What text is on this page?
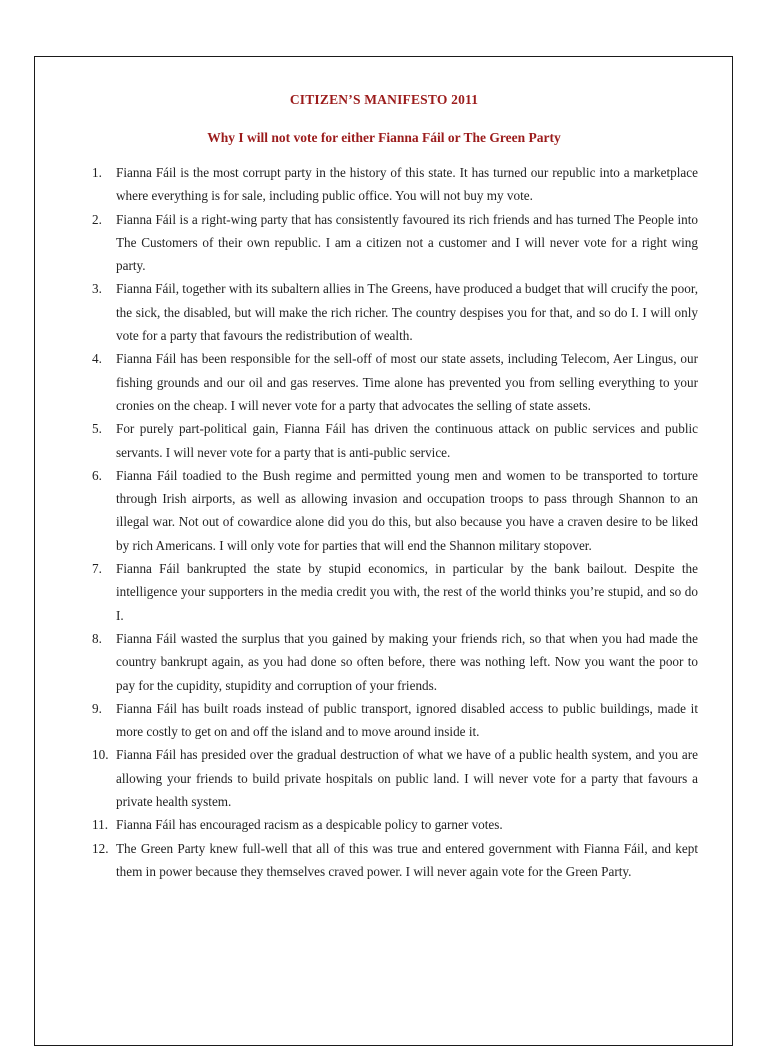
CITIZEN’S MANIFESTO 2011
Why I will not vote for either Fianna Fáil or The Green Party
1. Fianna Fáil is the most corrupt party in the history of this state. It has turned our republic into a marketplace where everything is for sale, including public office. You will not buy my vote.
2. Fianna Fáil is a right-wing party that has consistently favoured its rich friends and has turned The People into The Customers of their own republic. I am a citizen not a customer and I will never vote for a right wing party.
3. Fianna Fáil, together with its subaltern allies in The Greens, have produced a budget that will crucify the poor, the sick, the disabled, but will make the rich richer. The country despises you for that, and so do I. I will only vote for a party that favours the redistribution of wealth.
4. Fianna Fáil has been responsible for the sell-off of most our state assets, including Telecom, Aer Lingus, our fishing grounds and our oil and gas reserves. Time alone has prevented you from selling everything to your cronies on the cheap. I will never vote for a party that advocates the selling of state assets.
5. For purely part-political gain, Fianna Fáil has driven the continuous attack on public services and public servants. I will never vote for a party that is anti-public service.
6. Fianna Fáil toadied to the Bush regime and permitted young men and women to be transported to torture through Irish airports, as well as allowing invasion and occupation troops to pass through Shannon to an illegal war. Not out of cowardice alone did you do this, but also because you have a craven desire to be liked by rich Americans. I will only vote for parties that will end the Shannon military stopover.
7. Fianna Fáil bankrupted the state by stupid economics, in particular by the bank bailout. Despite the intelligence your supporters in the media credit you with, the rest of the world thinks you’re stupid, and so do I.
8. Fianna Fáil wasted the surplus that you gained by making your friends rich, so that when you had made the country bankrupt again, as you had done so often before, there was nothing left. Now you want the poor to pay for the cupidity, stupidity and corruption of your friends.
9. Fianna Fáil has built roads instead of public transport, ignored disabled access to public buildings, made it more costly to get on and off the island and to move around inside it.
10. Fianna Fáil has presided over the gradual destruction of what we have of a public health system, and you are allowing your friends to build private hospitals on public land. I will never vote for a party that favours a private health system.
11. Fianna Fáil has encouraged racism as a despicable policy to garner votes.
12. The Green Party knew full-well that all of this was true and entered government with Fianna Fáil, and kept them in power because they themselves craved power. I will never again vote for the Green Party.
